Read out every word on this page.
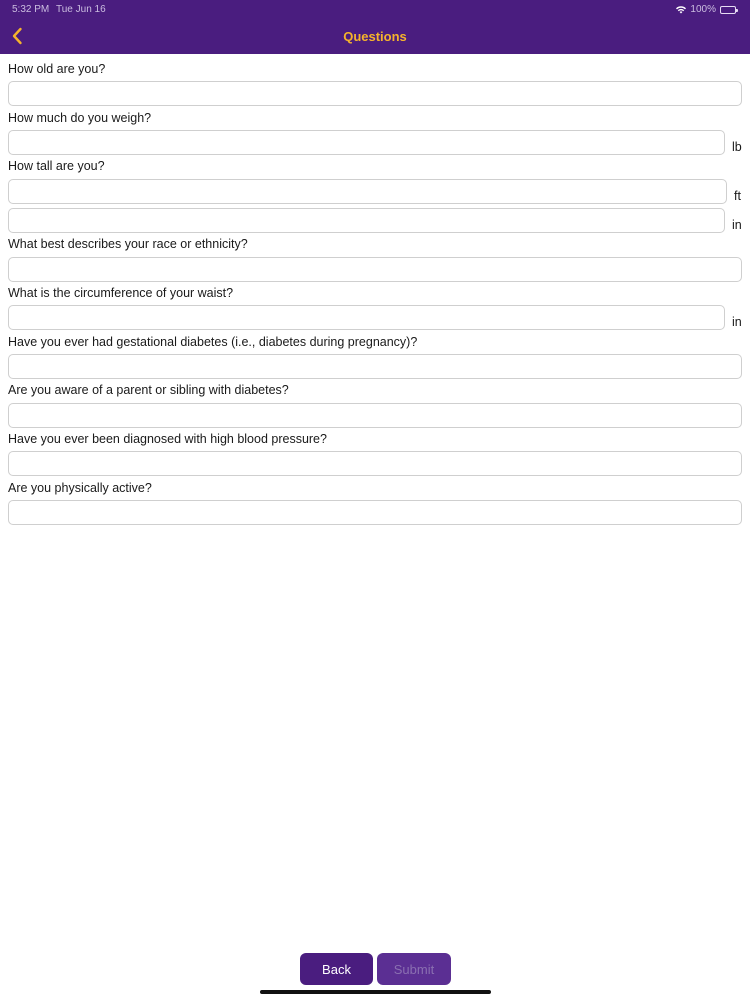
5:32 PM Tue Jun 16	100%
Questions
How old are you?
How much do you weigh?
lb
How tall are you?
ft
in
What best describes your race or ethnicity?
What is the circumference of your waist?
in
Have you ever had gestational diabetes (i.e., diabetes during pregnancy)?
Are you aware of a parent or sibling with diabetes?
Have you ever been diagnosed with high blood pressure?
Are you physically active?
Back	Submit
